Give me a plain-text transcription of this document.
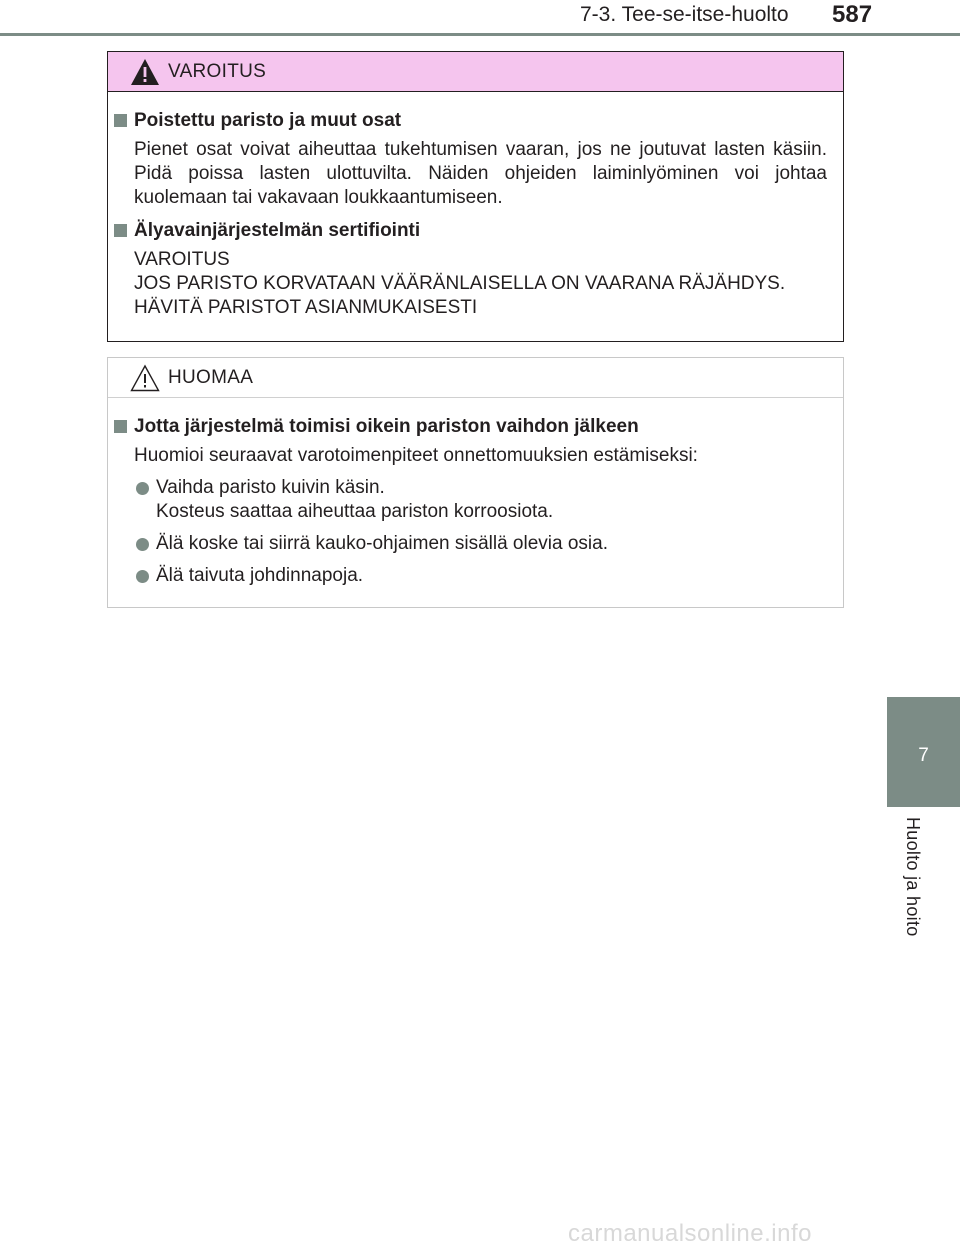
7-3. Tee-se-itse-huolto 587
VAROITUS
Poistettu paristo ja muut osat
Pienet osat voivat aiheuttaa tukehtumisen vaaran, jos ne joutuvat lasten käsiin. Pidä poissa lasten ulottuvilta. Näiden ohjeiden laiminlyöminen voi johtaa kuolemaan tai vakavaan loukkaantumiseen.
Älyavainjärjestelmän sertifiointi
VAROITUS
JOS PARISTO KORVATAAN VÄÄRÄNLAISELLA ON VAARANA RÄJÄHDYS.
HÄVITÄ PARISTOT ASIANMUKAISESTI
HUOMAA
Jotta järjestelmä toimisi oikein pariston vaihdon jälkeen
Huomioi seuraavat varotoimenpiteet onnettomuuksien estämiseksi:
Vaihda paristo kuivin käsin.
Kosteus saattaa aiheuttaa pariston korroosiota.
Älä koske tai siirrä kauko-ohjaimen sisällä olevia osia.
Älä taivuta johdinnapoja.
7
Huolto ja hoito
carmanualsonline.info
